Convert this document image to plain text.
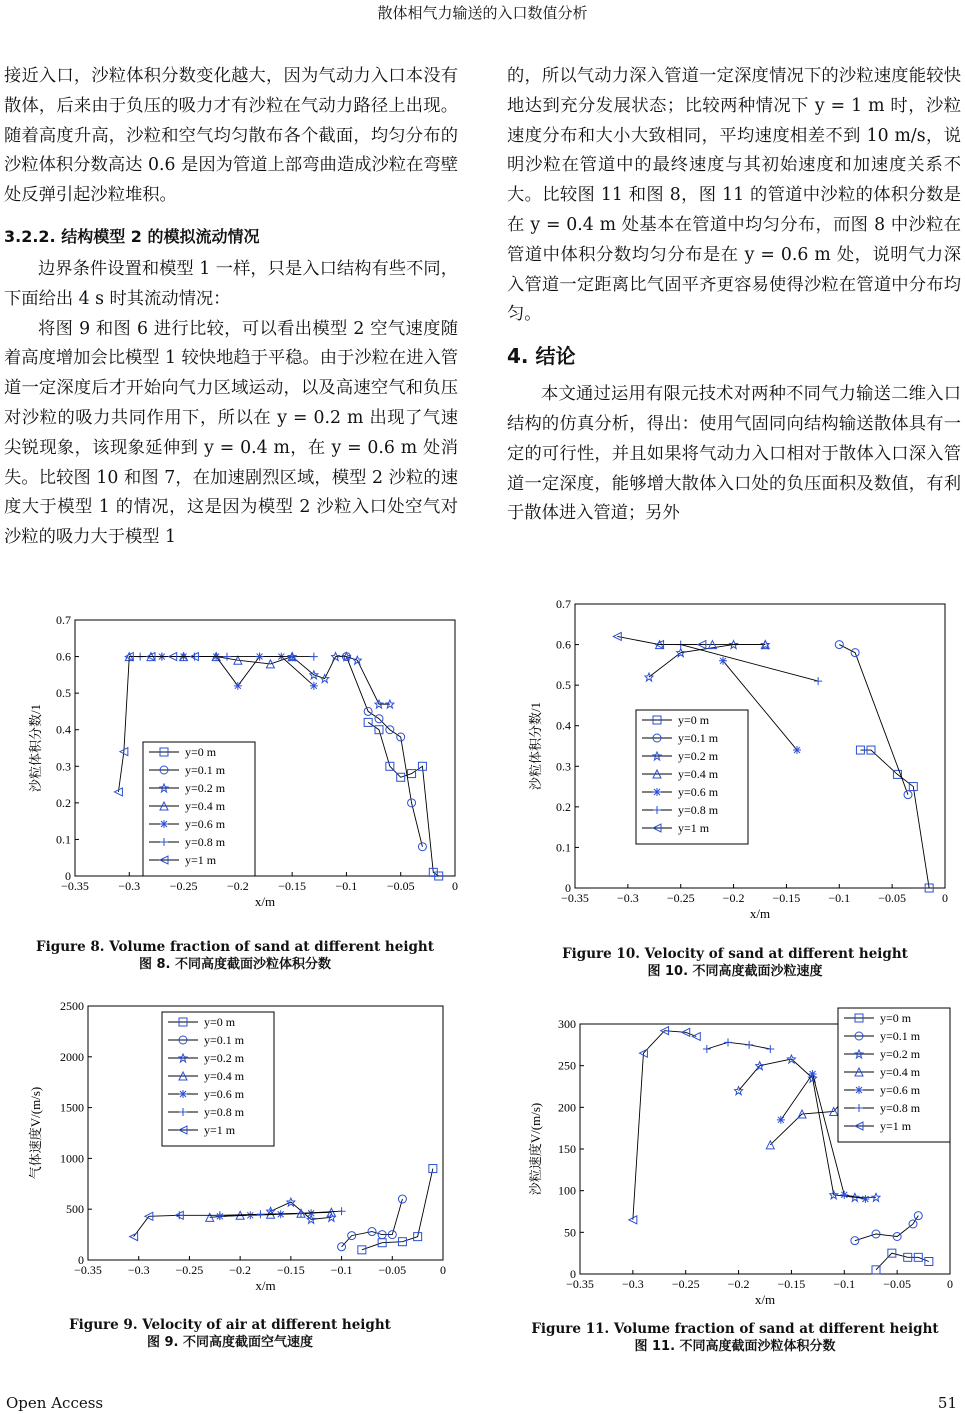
散体相气力输送的入口数值分析

接近入口，沙粒体积分数变化越大，因为气动力入口本没有散体，后来由于负压的吸力才有沙粒在气动力路径上出现。随着高度升高，沙粒和空气均匀散布各个截面，均匀分布的沙粒体积分数高达 0.6 是因为管道上部弯曲造成沙粒在弯壁处反弹引起沙粒堆积。

3.2.2. 结构模型 2 的模拟流动情况

边界条件设置和模型 1 一样，只是入口结构有些不同，下面给出 4 s 时其流动情况：

将图 9 和图 6 进行比较，可以看出模型 2 空气速度随着高度增加会比模型 1 较快地趋于平稳。由于沙粒在进入管道一定深度后才开始向气力区域运动，以及高速空气和负压对沙粒的吸力共同作用下，所以在 y = 0.2 m 出现了气速尖锐现象，该现象延伸到 y = 0.4 m，在 y = 0.6 m 处消失。比较图 10 和图 7，在加速剧烈区域，模型 2 沙粒的速度大于模型 1 的情况，这是因为模型 2 沙粒入口处空气对沙粒的吸力大于模型 1

的，所以气动力深入管道一定深度情况下的沙粒速度能较快地达到充分发展状态；比较两种情况下 y = 1 m 时，沙粒速度分布和大小大致相同，平均速度相差不到 10 m/s，说明沙粒在管道中的最终速度与其初始速度和加速度关系不大。比较图 11 和图 8，图 11 的管道中沙粒的体积分数是在 y = 0.4 m 处基本在管道中均匀分布，而图 8 中沙粒在管道中体积分数均匀分布是在 y = 0.6 m 处，说明气力深入管道一定距离比气固平齐更容易使得沙粒在管道中分布均匀。

4. 结论

本文通过运用有限元技术对两种不同气力输送二维入口结构的仿真分析，得出：使用气固同向结构输送散体具有一定的可行性，并且如果将气动力入口相对于散体入口深入管道一定深度，能够增大散体入口处的负压面积及数值，有利于散体进入管道；另外

−0.35 −0.3 −0.25 −0.2 −0.15 −0.1 −0.05	0
0
0.1
0.2
0.3
0.4
0.5
0.6
0.7
x/m
沙粒体积分数/1	y=0 m
y=0.1 m
y=0.2 m
y=0.4 m
y=0.6 m
y=0.8 m
y=1 m
Figure 8. Volume fraction of sand at different height
图 8. 不同高度截面沙粒体积分数
−0.35 −0.3 −0.25 −0.2 −0.15 −0.1 −0.05	0
0
0.1
0.2
0.3
0.4
0.5
0.6
0.7
x/m
沙粒体积分数/1	y=0 m
y=0.1 m
y=0.2 m
y=0.4 m
y=0.6 m
y=0.8 m
y=1 m
Figure 10. Velocity of sand at different height
图 10. 不同高度截面沙粒速度
−0.35 −0.3 −0.25 −0.2 −0.15 −0.1 −0.05	0
0
500
1000
1500
2000
2500
x/m
气体速度V/(m/s)
y=0 m
y=0.1 m
y=0.2 m
y=0.4 m
y=0.6 m
y=0.8 m
y=1 m
Figure 9. Velocity of air at different height
图 9. 不同高度截面空气速度
−0.35 −0.3 −0.25 −0.2 −0.15 −0.1 −0.05	0
0
50
100
150
200
250
300
x/m
沙粒速度V/(m/s)
y=0 m
y=0.1 m
y=0.2 m
y=0.4 m
y=0.6 m
y=0.8 m
y=1 m
Figure 11. Volume fraction of sand at different height
图 11. 不同高度截面沙粒体积分数
Open Access	51
